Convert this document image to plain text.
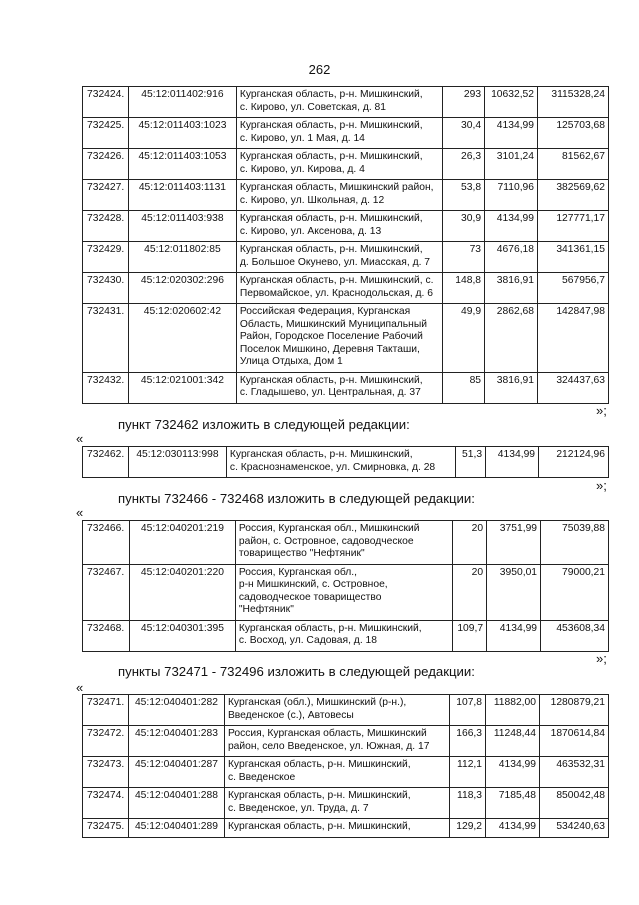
262
732424.	45:12:011402:916	Курганская область, р-н. Мишкинский,
с. Кирово, ул. Советская, д. 81	293	10632,52	3115328,24
732425.	45:12:011403:1023	Курганская область, р-н. Мишкинский,
с. Кирово, ул. 1 Мая, д. 14	30,4	4134,99	125703,68
732426.	45:12:011403:1053	Курганская область, р-н. Мишкинский,
с. Кирово, ул. Кирова, д. 4	26,3	3101,24	81562,67
732427.	45:12:011403:1131	Курганская область, Мишкинский район,
с. Кирово, ул. Школьная, д. 12	53,8	7110,96	382569,62
732428.	45:12:011403:938	Курганская область, р-н. Мишкинский,
с. Кирово, ул. Аксенова, д. 13	30,9	4134,99	127771,17
732429.	45:12:011802:85	Курганская область, р-н. Мишкинский,
д. Большое Окунево, ул. Миасская, д. 7	73	4676,18	341361,15
732430.	45:12:020302:296	Курганская область, р-н. Мишкинский, с.
Первомайское, ул. Краснодольская, д. 6	148,8	3816,91	567956,7
732431.	45:12:020602:42	Российская Федерация, Курганская
Область, Мишкинский Муниципальный
Район, Городское Поселение Рабочий
Поселок Мишкино, Деревня Такташи,
Улица Отдыха, Дом 1	49,9	2862,68	142847,98
732432.	45:12:021001:342	Курганская область, р-н. Мишкинский,
с. Гладышево, ул. Центральная, д. 37	85	3816,91	324437,63
»;
пункт 732462 изложить в следующей редакции:
«
732462.	45:12:030113:998	Курганская область, р-н. Мишкинский,
с. Краснознаменское, ул. Смирновка, д. 28
	51,3	4134,99	212124,96
»;
пункты 732466 - 732468 изложить в следующей редакции:
«
732466.	45:12:040201:219	Россия, Курганская обл., Мишкинский
район, с. Островное, садоводческое
товарищество "Нефтяник"	20	3751,99	75039,88
732467.	45:12:040201:220	Россия, Курганская обл.,
р-н Мишкинский, с. Островное,
садоводческое товарищество
"Нефтяник"	20	3950,01	79000,21
732468.	45:12:040301:395	Курганская область, р-н. Мишкинский,
с. Восход, ул. Садовая, д. 18	109,7	4134,99	453608,34
»;
пункты 732471 - 732496 изложить в следующей редакции:
«
732471.	45:12:040401:282	Курганская (обл.), Мишкинский (р-н.),
Введенское (с.), Автовесы	107,8	11882,00	1280879,21
732472.	45:12:040401:283	Россия, Курганская область, Мишкинский
район, село Введенское, ул. Южная, д. 17	166,3	11248,44	1870614,84
732473.	45:12:040401:287	Курганская область, р-н. Мишкинский,
с. Введенское	112,1	4134,99	463532,31
732474.	45:12:040401:288	Курганская область, р-н. Мишкинский,
с. Введенское, ул. Труда, д. 7	118,3	7185,48	850042,48
732475.	45:12:040401:289	Курганская область, р-н. Мишкинский,	129,2	4134,99	534240,63
